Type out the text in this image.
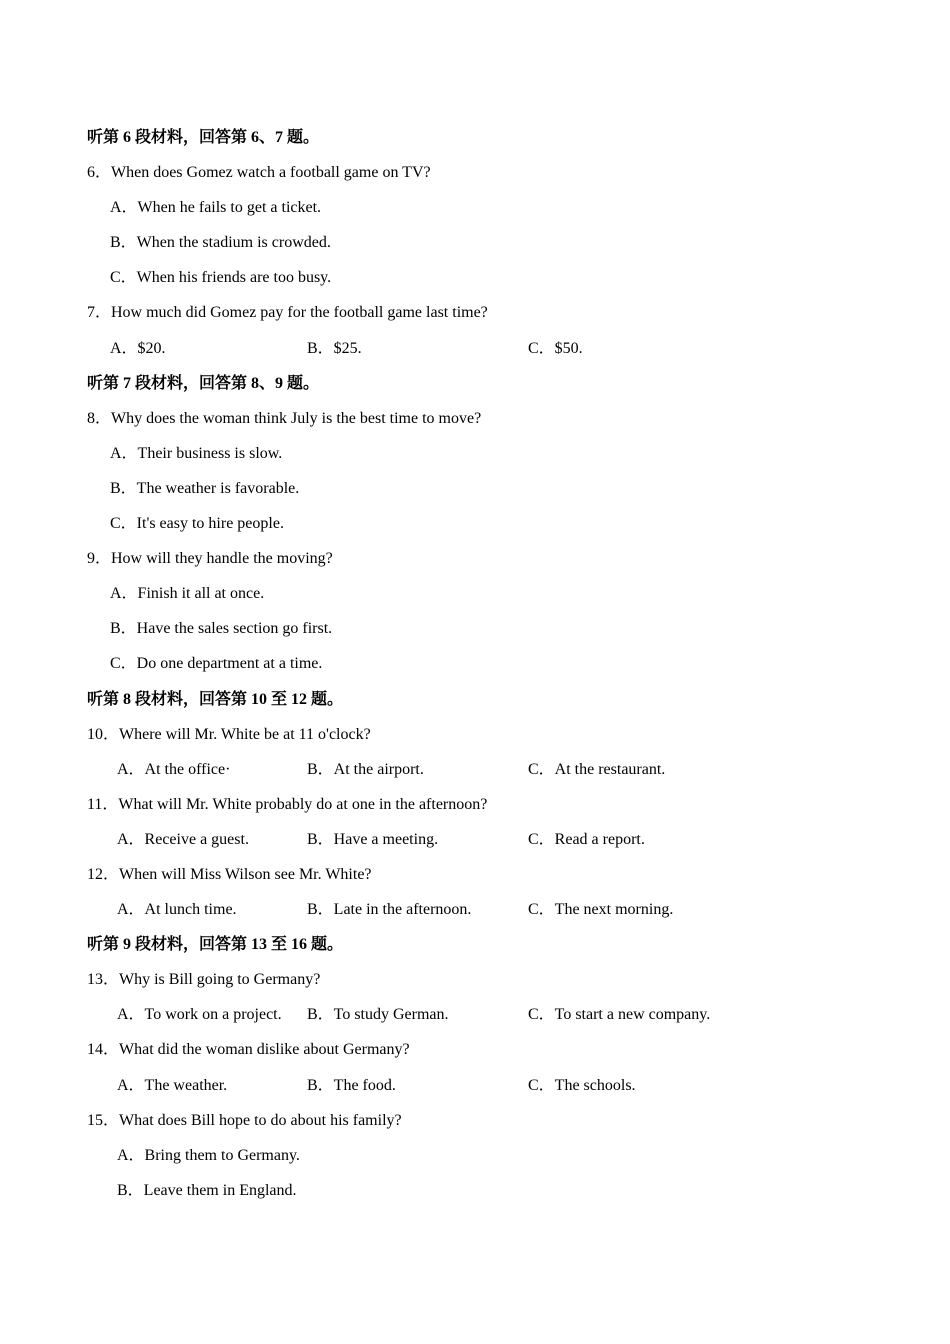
听第 6 段材料，回答第 6、7 题。
6．When does Gomez watch a football game on TV?
A．When he fails to get a ticket.
B．When the stadium is crowded.
C．When his friends are too busy.
7．How much did Gomez pay for the football game last time?
A．$20.	B．$25.	C．$50.
听第 7 段材料，回答第 8、9 题。
8．Why does the woman think July is the best time to move?
A．Their business is slow.
B．The weather is favorable.
C．It's easy to hire people.
9．How will they handle the moving?
A．Finish it all at once.
B．Have the sales section go first.
C．Do one department at a time.
听第 8 段材料，回答第 10 至 12 题。
10．Where will Mr. White be at 11 o'clock?
A．At the office·	B．At the airport.	C．At the restaurant.
11．What will Mr. White probably do at one in the afternoon?
A．Receive a guest.	B．Have a meeting.	C．Read a report.
12．When will Miss Wilson see Mr. White?
A．At lunch time.	B．Late in the afternoon.	C．The next morning.
听第 9 段材料，回答第 13 至 16 题。
13．Why is Bill going to Germany?
A．To work on a project. B．To study German.	C．To start a new company.
14．What did the woman dislike about Germany?
A．The weather.	B．The food.	C．The schools.
15．What does Bill hope to do about his family?
A．Bring them to Germany.
B．Leave them in England.
